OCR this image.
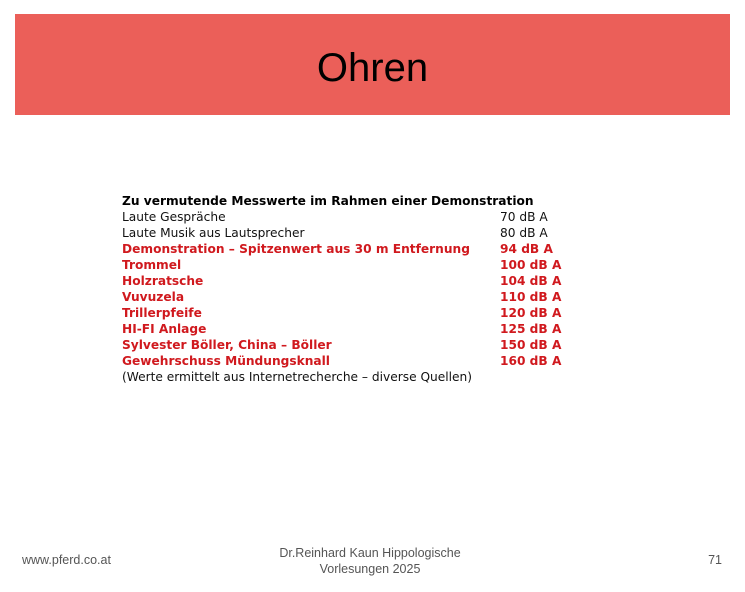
Ohren
Zu vermutende Messwerte im Rahmen einer Demonstration
Laute Gespräche	70 dB A
Laute Musik aus Lautsprecher	80 dB A
Demonstration – Spitzenwert aus 30 m Entfernung 94 dB A
Trommel	100 dB A
Holzratsche	104 dB A
Vuvuzela	110 dB A
Trillerpfeife	120 dB A
HI-FI Anlage	125 dB A
Sylvester Böller, China – Böller	150 dB A
Gewehrschuss Mündungsknall	160 dB A
(Werte ermittelt aus Internetrecherche – diverse Quellen)
www.pferd.co.at	Dr.Reinhard Kaun Hippologische
Vorlesungen 2025
71
